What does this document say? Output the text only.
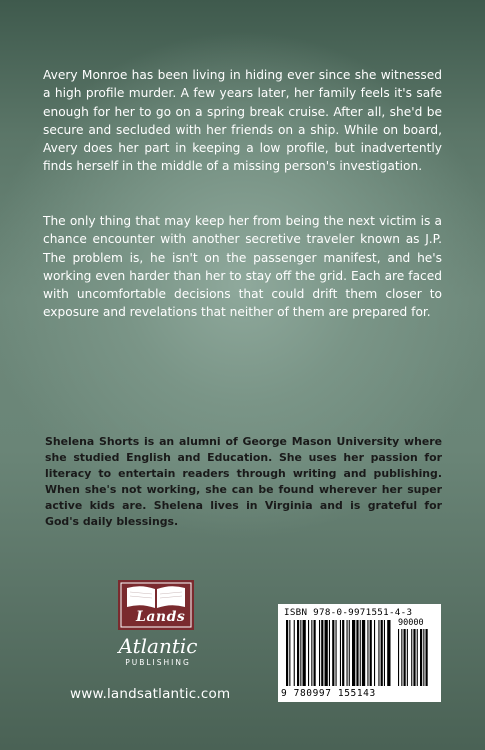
Avery Monroe has been living in hiding ever since she witnessed a high profile murder. A few years later, her family feels it's safe enough for her to go on a spring break cruise. After all, she'd be secure and secluded with her friends on a ship. While on board, Avery does her part in keeping a low profile, but inadvertently finds herself in the middle of a missing person's investigation.

The only thing that may keep her from being the next victim is a chance encounter with another secretive traveler known as J.P. The problem is, he isn't on the passenger manifest, and he's working even harder than her to stay off the grid. Each are faced with uncomfortable decisions that could drift them closer to exposure and revelations that neither of them are prepared for.

Shelena Shorts is an alumni of George Mason University where she studied English and Education. She uses her passion for literacy to entertain readers through writing and publishing. When she's not working, she can be found wherever her super active kids are. Shelena lives in Virginia and is grateful for God's daily blessings.

Lands
Atlantic
PUBLISHING
www.landsatlantic.com
ISBN 978-0-9971551-4-3
90000
9 780997 155143
